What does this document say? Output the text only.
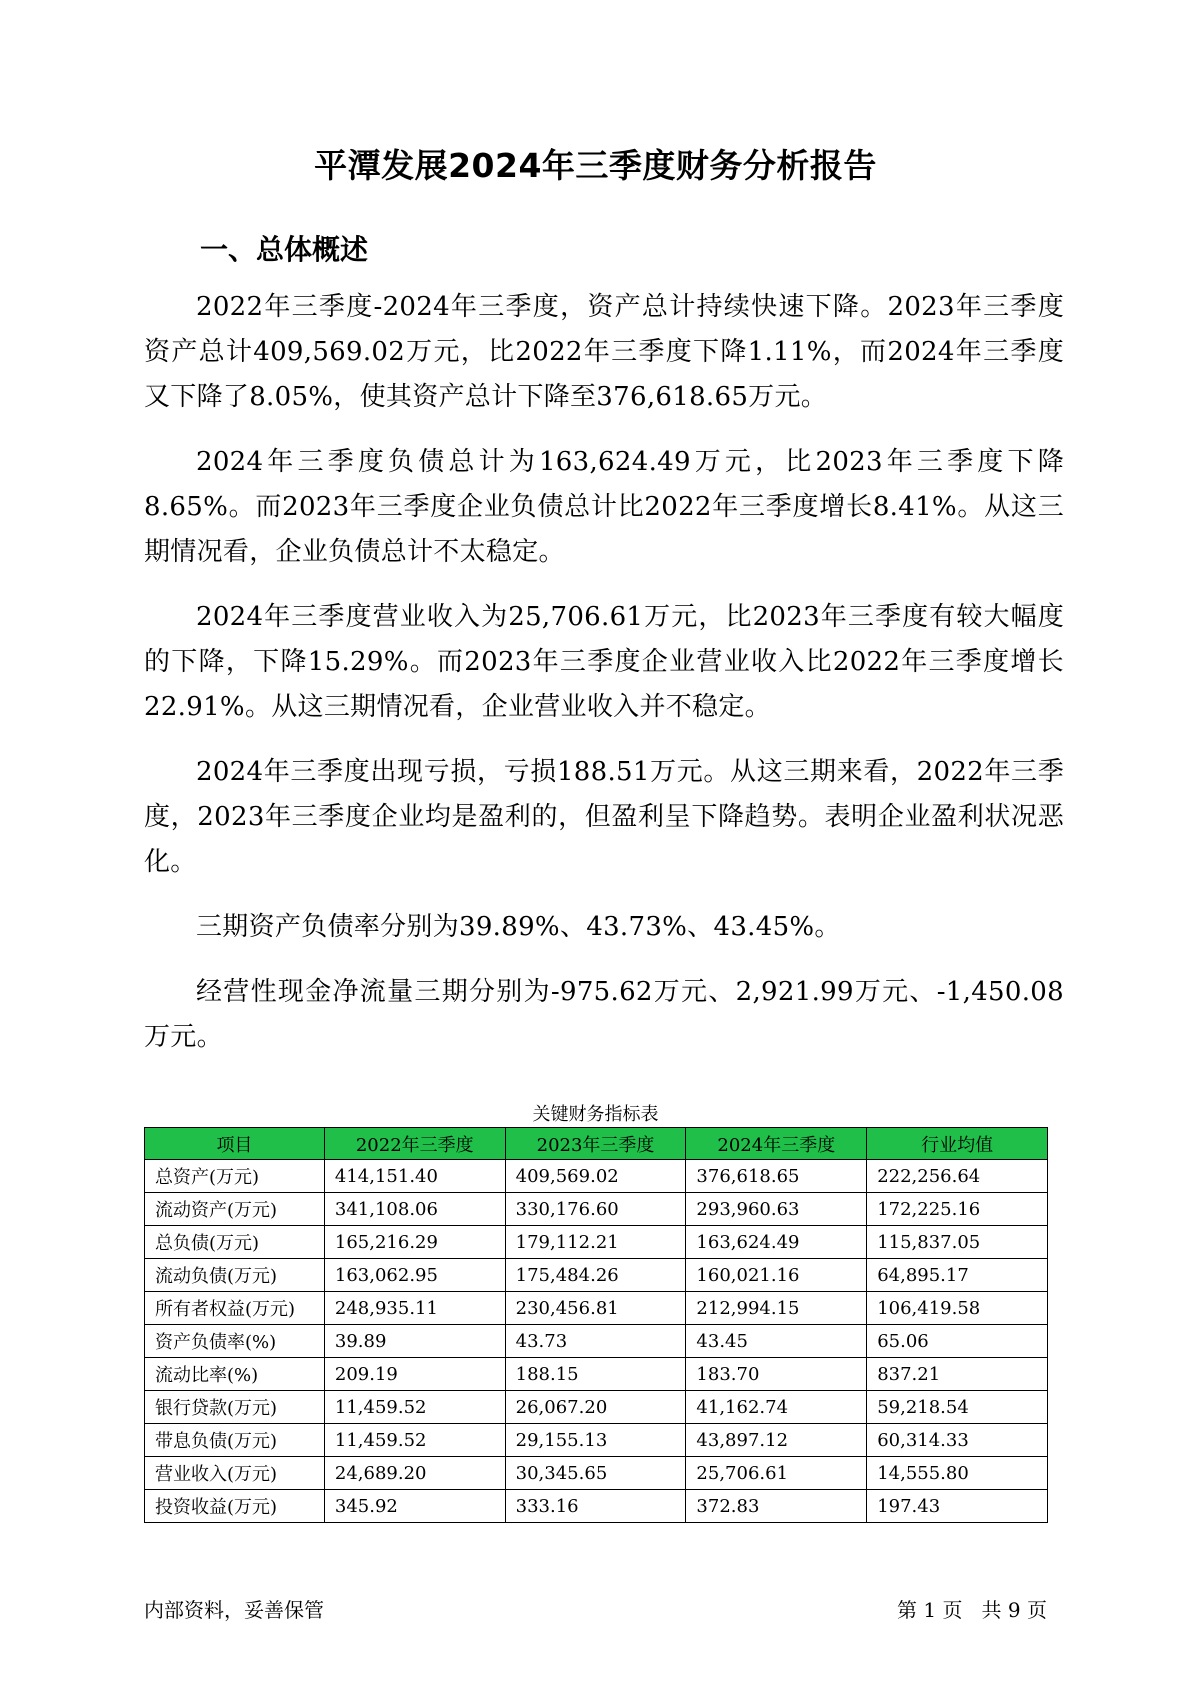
平潭发展2024年三季度财务分析报告
一、总体概述

2022年三季度-2024年三季度，资产总计持续快速下降。2023年三季度资产总计409,569.02万元，比2022年三季度下降1.11%，而2024年三季度又下降了8.05%，使其资产总计下降至376,618.65万元。

2024年三季度负债总计为163,624.49万元，比2023年三季度下降8.65%。而2023年三季度企业负债总计比2022年三季度增长8.41%。从这三期情况看，企业负债总计不太稳定。

2024年三季度营业收入为25,706.61万元，比2023年三季度有较大幅度的下降，下降15.29%。而2023年三季度企业营业收入比2022年三季度增长22.91%。从这三期情况看，企业营业收入并不稳定。

2024年三季度出现亏损，亏损188.51万元。从这三期来看，2022年三季度，2023年三季度企业均是盈利的，但盈利呈下降趋势。表明企业盈利状况恶化。

三期资产负债率分别为39.89%、43.73%、43.45%。

经营性现金净流量三期分别为-975.62万元、2,921.99万元、-1,450.08万元。

关键财务指标表
项目	2022年三季度	2023年三季度	2024年三季度	行业均值
总资产(万元)	414,151.40	409,569.02	376,618.65	222,256.64
流动资产(万元)	341,108.06	330,176.60	293,960.63	172,225.16
总负债(万元)	165,216.29	179,112.21	163,624.49	115,837.05
流动负债(万元)	163,062.95	175,484.26	160,021.16	64,895.17
所有者权益(万元)	248,935.11	230,456.81	212,994.15	106,419.58
资产负债率(%)	39.89	43.73	43.45	65.06
流动比率(%)	209.19	188.15	183.70	837.21
银行贷款(万元)	11,459.52	26,067.20	41,162.74	59,218.54
带息负债(万元)	11,459.52	29,155.13	43,897.12	60,314.33
营业收入(万元)	24,689.20	30,345.65	25,706.61	14,555.80
投资收益(万元)	345.92	333.16	372.83	197.43
内部资料，妥善保管	第 1 页   共 9 页
